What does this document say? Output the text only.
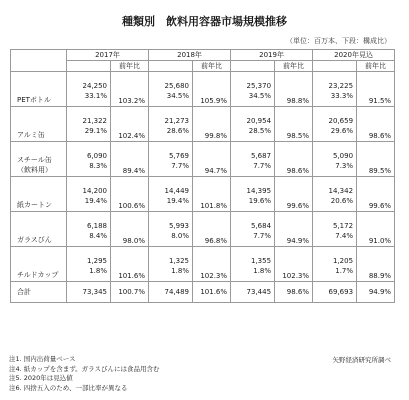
種類別　飲料用容器市場規模推移
（単位：百万本、下段：構成比）
	2017年		2018年		2019年		2020年見込	
		前年比		前年比		前年比		前年比

PETボトル	24,250	103.2%	25,680	105.9%	25,370	98.8%	23,225	91.5%
	33.1%		34.5%		34.5%		33.3%	

アルミ缶	21,322	102.4%	21,273	99.8%	20,954	98.5%	20,659	98.6%
	29.1%		28.6%		28.5%		29.6%	

スチール缶
（飲料用）	6,090	89.4%	5,769	94.7%	5,687	98.6%	5,090	89.5%
	8.3%		7.7%		7.7%		7.3%	

紙カートン	14,200	100.6%	14,449	101.8%	14,395	99.6%	14,342	99.6%
	19.4%		19.4%		19.6%		20.6%	

ガラスびん	6,188	98.0%	5,993	96.8%	5,684	94.9%	5,172	91.0%
	8.4%		8.0%		7.7%		7.4%	

チルドカップ	1,295	101.6%	1,325	102.3%	1,355	102.3%	1,205	88.9%
	1.8%		1.8%		1.8%		1.7%	
合計	73,345	100.7%	74,489	101.6%	73,445	98.6%	69,693	94.9%
注1. 国内出荷量ベース
注4. 紙カップを含まず。ガラスびんには食品用含む
注5. 2020年は見込値
注6. 四捨五入のため、一部比率が異なる
矢野経済研究所調べ
